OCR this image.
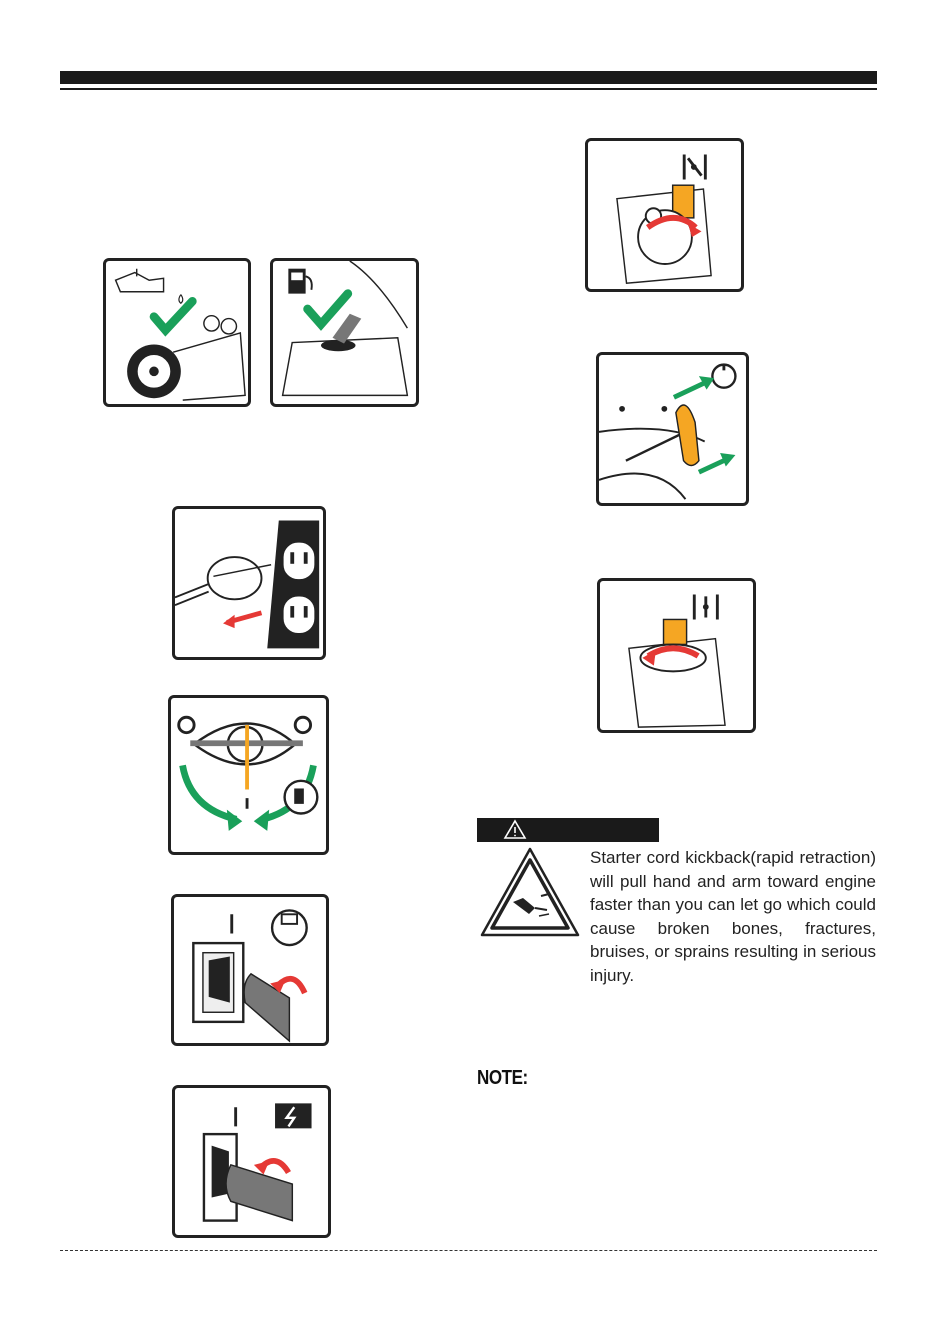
Starter cord kickback(rapid retraction) will pull hand and arm toward engine faster than you can let go which could cause broken bones, fractures, bruises, or sprains resulting in serious injury.
NOTE:
